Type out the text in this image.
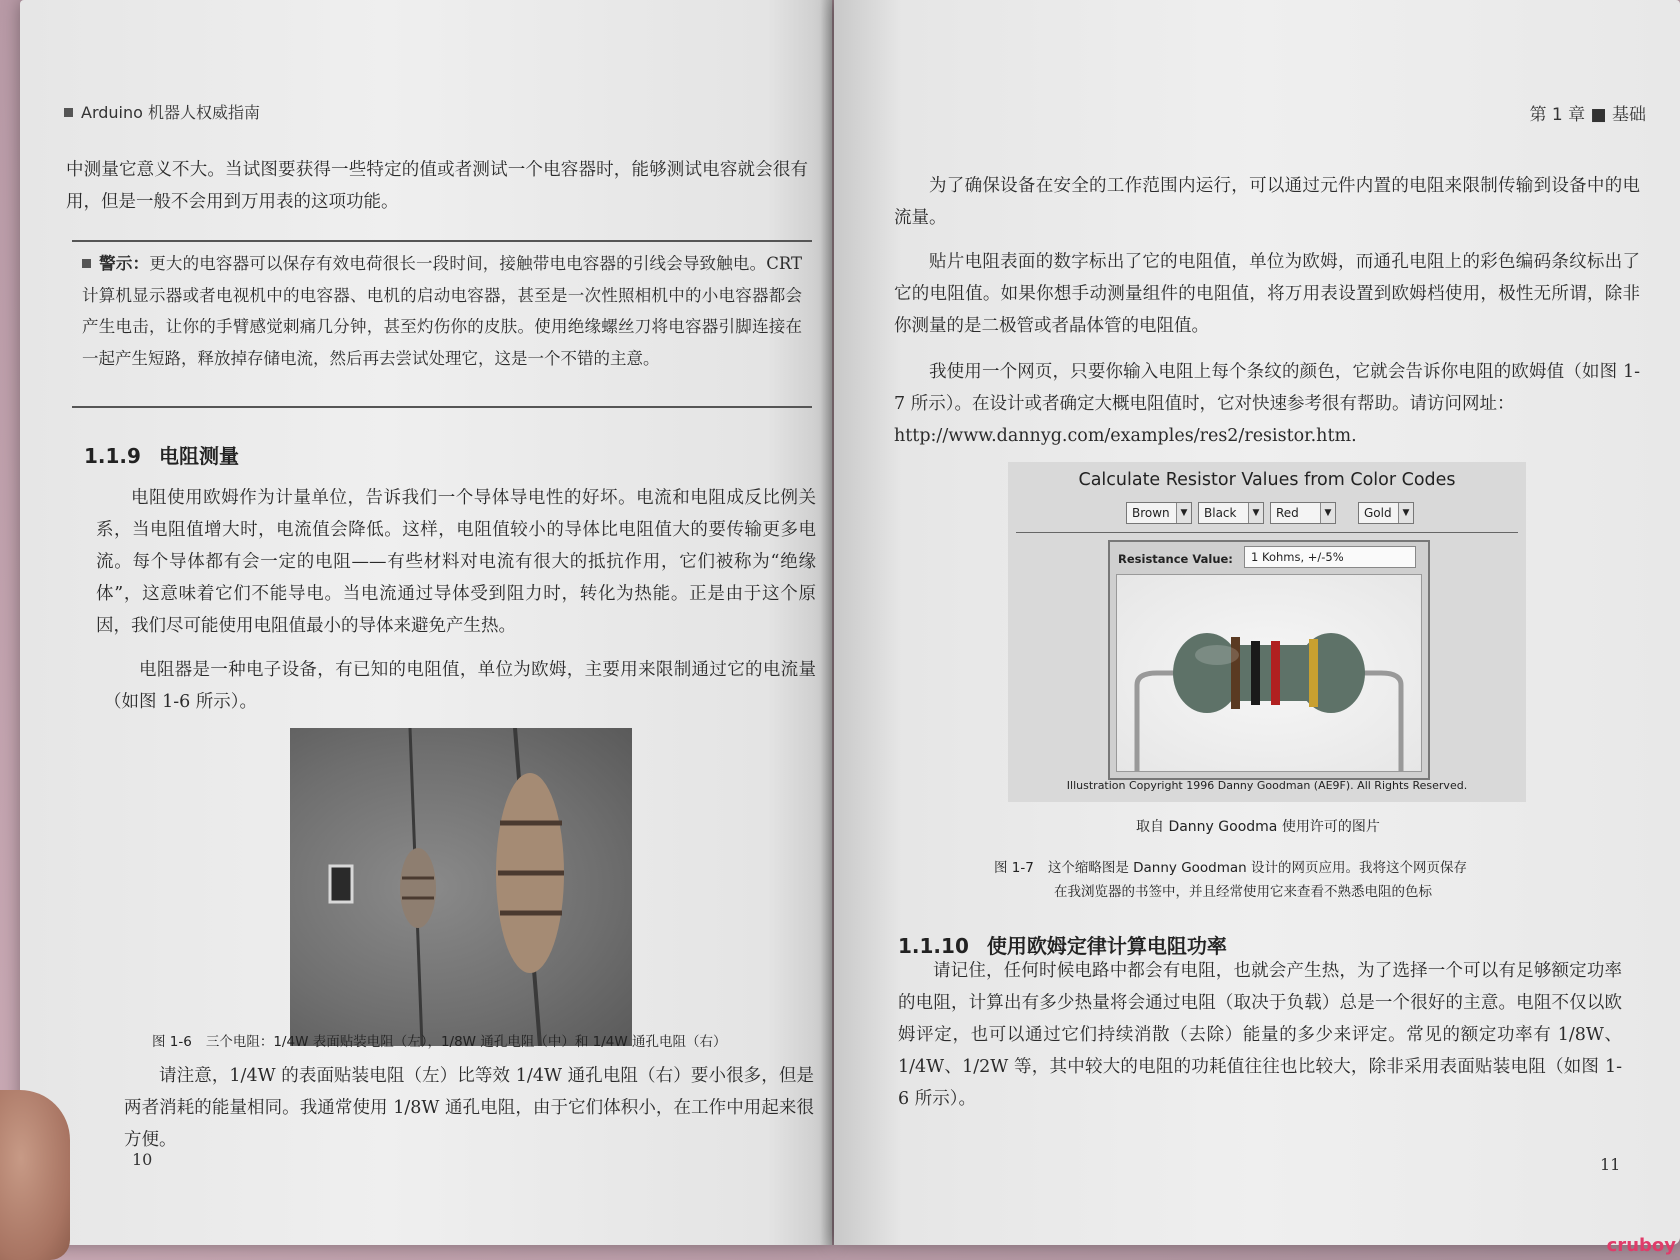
Arduino 机器人权威指南

中测量它意义不大。当试图要获得一些特定的值或者测试一个电容器时，能够测试电容就会很有用，但是一般不会用到万用表的这项功能。

警示：更大的电容器可以保存有效电荷很长一段时间，接触带电电容器的引线会导致触电。CRT 计算机显示器或者电视机中的电容器、电机的启动电容器，甚至是一次性照相机中的小电容器都会产生电击，让你的手臂感觉刺痛几分钟，甚至灼伤你的皮肤。使用绝缘螺丝刀将电容器引脚连接在一起产生短路，释放掉存储电流，然后再去尝试处理它，这是一个不错的主意。

1.1.9 电阻测量

电阻使用欧姆作为计量单位，告诉我们一个导体导电性的好坏。电流和电阻成反比例关系，当电阻值增大时，电流值会降低。这样，电阻值较小的导体比电阻值大的要传输更多电流。每个导体都有会一定的电阻——有些材料对电流有很大的抵抗作用，它们被称为“绝缘体”，这意味着它们不能导电。当电流通过导体受到阻力时，转化为热能。正是由于这个原因，我们尽可能使用电阻值最小的导体来避免产生热。

电阻器是一种电子设备，有已知的电阻值，单位为欧姆，主要用来限制通过它的电流量（如图 1-6 所示）。

图 1-6 三个电阻：1/4W 表面贴装电阻（左），1/8W 通孔电阻（中）和 1/4W 通孔电阻（右）

请注意，1/4W 的表面贴装电阻（左）比等效 1/4W 通孔电阻（右）要小很多，但是两者消耗的能量相同。我通常使用 1/8W 通孔电阻，由于它们体积小，在工作中用起来很方便。

10
第 1 章 ■ 基础

为了确保设备在安全的工作范围内运行，可以通过元件内置的电阻来限制传输到设备中的电流量。

贴片电阻表面的数字标出了它的电阻值，单位为欧姆，而通孔电阻上的彩色编码条纹标出了它的电阻值。如果你想手动测量组件的电阻值，将万用表设置到欧姆档使用，极性无所谓，除非你测量的是二极管或者晶体管的电阻值。

我使用一个网页，只要你输入电阻上每个条纹的颜色，它就会告诉你电阻的欧姆值（如图 1-7 所示）。在设计或者确定大概电阻值时，它对快速参考很有帮助。请访问网址：

http://www.dannyg.com/examples/res2/resistor.htm.

Calculate Resistor Values from Color Codes
Brown	▼	Black	▼	Red	▼	Gold	▼
Resistance Value:	1 Kohms, +/-5%
Illustration Copyright 1996 Danny Goodman (AE9F). All Rights Reserved.

取自 Danny Goodma 使用许可的图片

图 1-7 这个缩略图是 Danny Goodman 设计的网页应用。我将这个网页保存

在我浏览器的书签中，并且经常使用它来查看不熟悉电阻的色标

1.1.10 使用欧姆定律计算电阻功率

请记住，任何时候电路中都会有电阻，也就会产生热，为了选择一个可以有足够额定功率的电阻，计算出有多少热量将会通过电阻（取决于负载）总是一个很好的主意。电阻不仅以欧姆评定，也可以通过它们持续消散（去除）能量的多少来评定。常见的额定功率有 1/8W、1/4W、1/2W 等，其中较大的电阻的功耗值往往也比较大，除非采用表面贴装电阻（如图 1-6 所示）。

11
cruboy
